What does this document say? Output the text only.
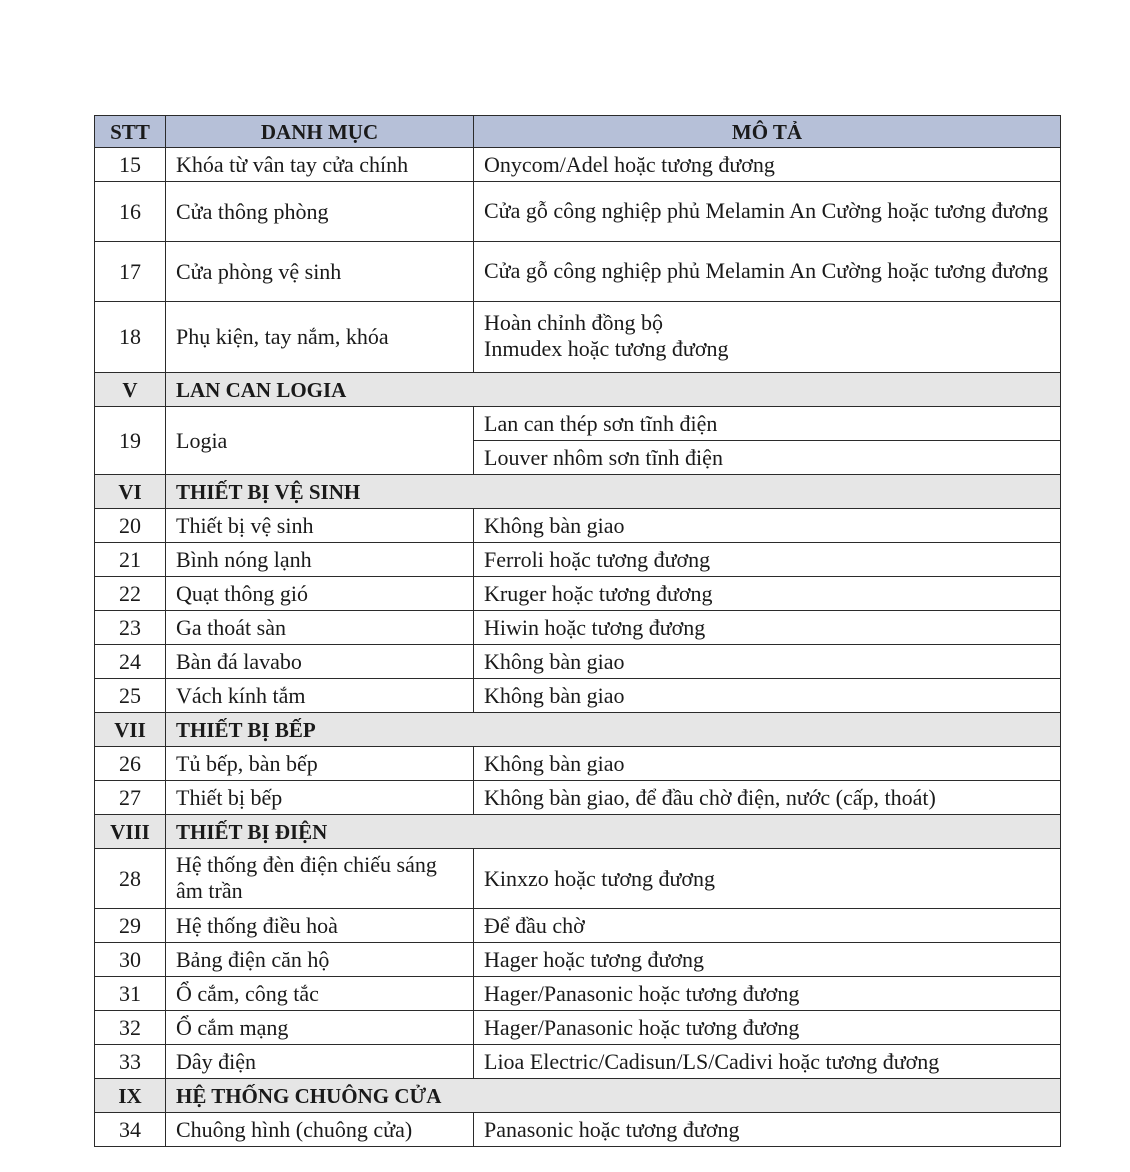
STT	DANH MỤC	MÔ TẢ
15	Khóa từ vân tay cửa chính	Onycom/Adel hoặc tương đương
16	Cửa thông phòng	Cửa gỗ công nghiệp phủ Melamin An Cường hoặc tương đương
17	Cửa phòng vệ sinh	Cửa gỗ công nghiệp phủ Melamin An Cường hoặc tương đương
18	Phụ kiện, tay nắm, khóa	Hoàn chỉnh đồng bộ
Inmudex hoặc tương đương

V	LAN CAN LOGIA	
19	Logia	Lan can thép sơn tĩnh điện
		Louver nhôm sơn tĩnh điện
VI	THIẾT BỊ VỆ SINH	
20	Thiết bị vệ sinh	Không bàn giao
21	Bình nóng lạnh	Ferroli hoặc tương đương
22	Quạt thông gió	Kruger hoặc tương đương
23	Ga thoát sàn	Hiwin hoặc tương đương
24	Bàn đá lavabo	Không bàn giao
25	Vách kính tắm	Không bàn giao
VII	THIẾT BỊ BẾP	
26	Tủ bếp, bàn bếp	Không bàn giao
27	Thiết bị bếp	Không bàn giao, để đầu chờ điện, nước (cấp, thoát)
VIII	THIẾT BỊ ĐIỆN	
28	Hệ thống đèn điện chiếu sáng âm trần	Kinxzo hoặc tương đương
29	Hệ thống điều hoà	Để đầu chờ
30	Bảng điện căn hộ	Hager hoặc tương đương
31	Ổ cắm, công tắc	Hager/Panasonic hoặc tương đương
32	Ổ cắm mạng	Hager/Panasonic hoặc tương đương
33	Dây điện	Lioa Electric/Cadisun/LS/Cadivi hoặc tương đương
IX	HỆ THỐNG CHUÔNG CỬA	
34	Chuông hình (chuông cửa)	Panasonic hoặc tương đương
